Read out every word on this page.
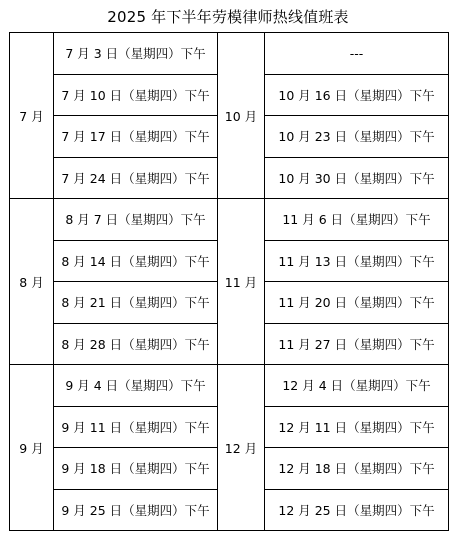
2025 年下半年劳模律师热线值班表
7 月	7 月 3 日（星期四）下午	10 月	---
	7 月 10 日（星期四）下午		10 月 16 日（星期四）下午
	7 月 17 日（星期四）下午		10 月 23 日（星期四）下午
	7 月 24 日（星期四）下午		10 月 30 日（星期四）下午
8 月	8 月 7 日（星期四）下午	11 月	11 月 6 日（星期四）下午
	8 月 14 日（星期四）下午		11 月 13 日（星期四）下午
	8 月 21 日（星期四）下午		11 月 20 日（星期四）下午
	8 月 28 日（星期四）下午		11 月 27 日（星期四）下午
9 月	9 月 4 日（星期四）下午	12 月	12 月 4 日（星期四）下午
	9 月 11 日（星期四）下午		12 月 11 日（星期四）下午
	9 月 18 日（星期四）下午		12 月 18 日（星期四）下午
	9 月 25 日（星期四）下午		12 月 25 日（星期四）下午
